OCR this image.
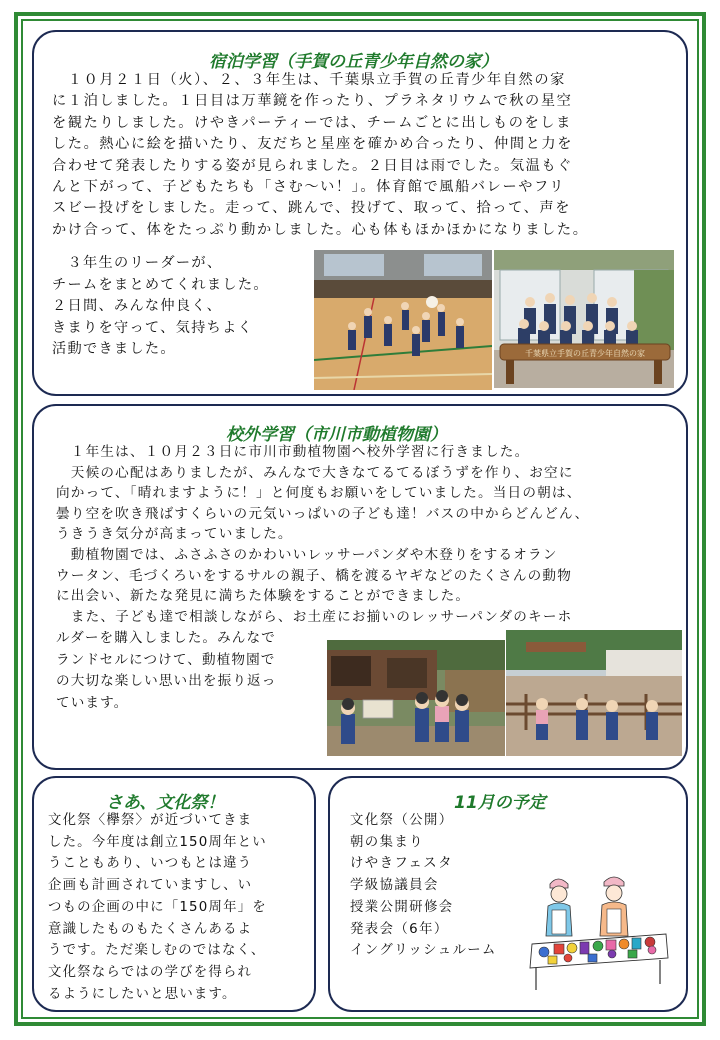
宿泊学習（手賀の丘青少年自然の家）
　１０月２１日（火）、２、３年生は、千葉県立手賀の丘青少年自然の家
に１泊しました。１日目は万華鏡を作ったり、プラネタリウムで秋の星空
を観たりしました。けやきパーティーでは、チームごとに出しものをしま
した。熱心に絵を描いたり、友だちと星座を確かめ合ったり、仲間と力を
合わせて発表したりする姿が見られました。２日目は雨でした。気温もぐ
んと下がって、子どもたちも「さむ～い！」。体育館で風船バレーやフリ
スビー投げをしました。走って、跳んで、投げて、取って、拾って、声を
かけ合って、体をたっぷり動かしました。心も体もほかほかになりました。
　３年生のリーダーが、
チームをまとめてくれました。
２日間、みんな仲良く、
きまりを守って、気持ちよく
活動できました。	千葉県立手賀の丘青少年自然の家
校外学習（市川市動植物園）
　１年生は、１０月２３日に市川市動植物園へ校外学習に行きました。
　天候の心配はありましたが、みんなで大きなてるてるぼうずを作り、お空に
向かって、「晴れますように！」と何度もお願いをしていました。当日の朝は、
曇り空を吹き飛ばすくらいの元気いっぱいの子ども達！バスの中からどんどん、
うきうき気分が高まっていました。
　動植物園では、ふさふさのかわいいレッサーパンダや木登りをするオラン
ウータン、毛づくろいをするサルの親子、橋を渡るヤギなどのたくさんの動物
に出会い、新たな発見に満ちた体験をすることができました。
　また、子ども達で相談しながら、お土産にお揃いのレッサーパンダのキーホ
ルダーを購入しました。みんなで
ランドセルにつけて、動植物園で
の大切な楽しい思い出を振り返っ
ています。
さあ、文化祭！
文化祭〈欅祭〉が近づいてきま
した。今年度は創立150周年とい
うこともあり、いつもとは違う
企画も計画されていますし、い
つもの企画の中に「150周年」を
意識したものもたくさんあるよ
うです。ただ楽しむのではなく、
文化祭ならではの学びを得られ
るようにしたいと思います。
11月の予定
文化祭（公開）
朝の集まり
けやきフェスタ
学級協議員会
授業公開研修会
発表会（6年）
イングリッシュルーム
